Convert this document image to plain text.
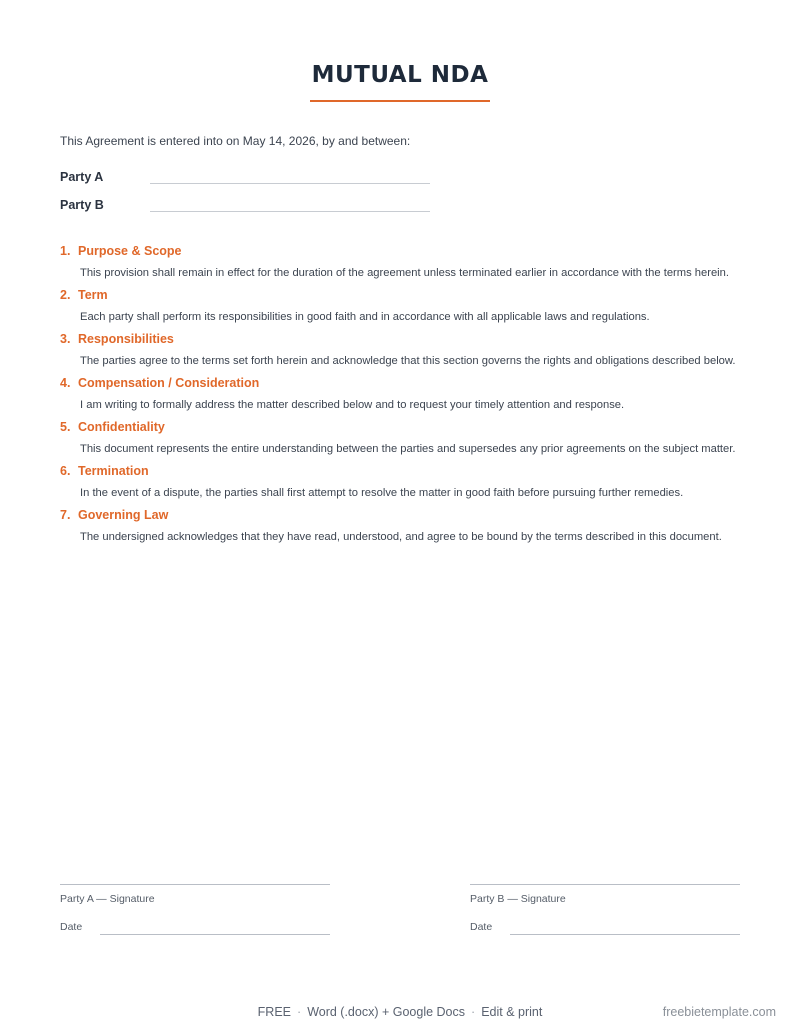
MUTUAL NDA
This Agreement is entered into on May 14, 2026, by and between:
Party A
Party B
1. Purpose & Scope
This provision shall remain in effect for the duration of the agreement unless terminated earlier in accordance with the terms herein.
2. Term
Each party shall perform its responsibilities in good faith and in accordance with all applicable laws and regulations.
3. Responsibilities
The parties agree to the terms set forth herein and acknowledge that this section governs the rights and obligations described below.
4. Compensation / Consideration
I am writing to formally address the matter described below and to request your timely attention and response.
5. Confidentiality
This document represents the entire understanding between the parties and supersedes any prior agreements on the subject matter.
6. Termination
In the event of a dispute, the parties shall first attempt to resolve the matter in good faith before pursuing further remedies.
7. Governing Law
The undersigned acknowledges that they have read, understood, and agree to be bound by the terms described in this document.
Party A — Signature
Date
Party B — Signature
Date
FREE · Word (.docx) + Google Docs · Edit & print	freebietemplate.com
